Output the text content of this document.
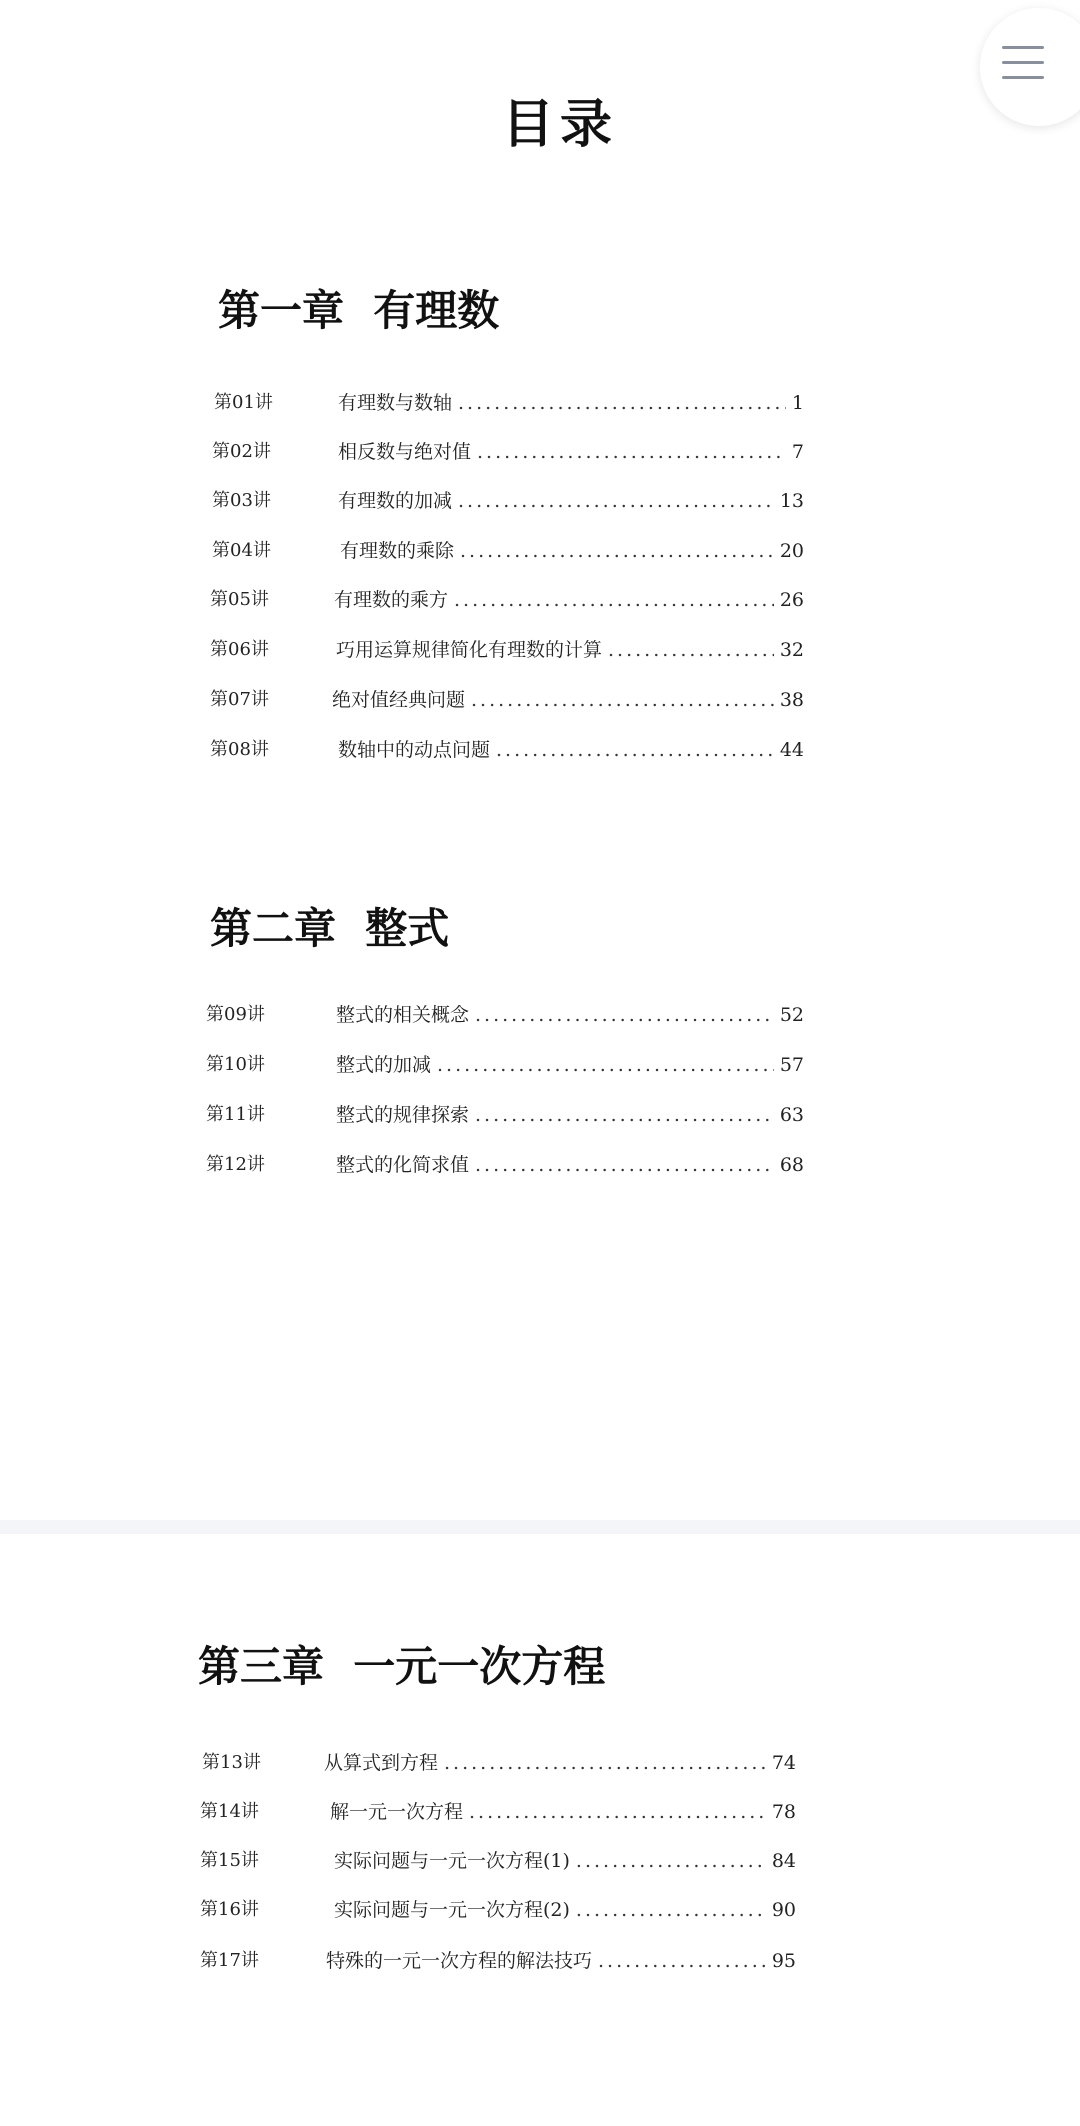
目录
第一章  有理数
第01讲	有理数与数轴 .....	1
第02讲	相反数与绝对值 .....	7
第03讲	有理数的加减 .....	13
第04讲	有理数的乘除 .....	20
第05讲	有理数的乘方 .....	26
第06讲	巧用运算规律简化有理数的计算 .....	32
第07讲	绝对值经典问题 .....	38
第08讲	数轴中的动点问题 .....	44
第二章  整式
第09讲	整式的相关概念 .....	52
第10讲	整式的加减 .....	57
第11讲	整式的规律探索 .....	63
第12讲	整式的化简求值 .....	68
第三章  一元一次方程
第13讲	从算式到方程 .....	74
第14讲	解一元一次方程 .....	78
第15讲	实际问题与一元一次方程(1) .....	84
第16讲	实际问题与一元一次方程(2) .....	90
第17讲	特殊的一元一次方程的解法技巧 .....	95
